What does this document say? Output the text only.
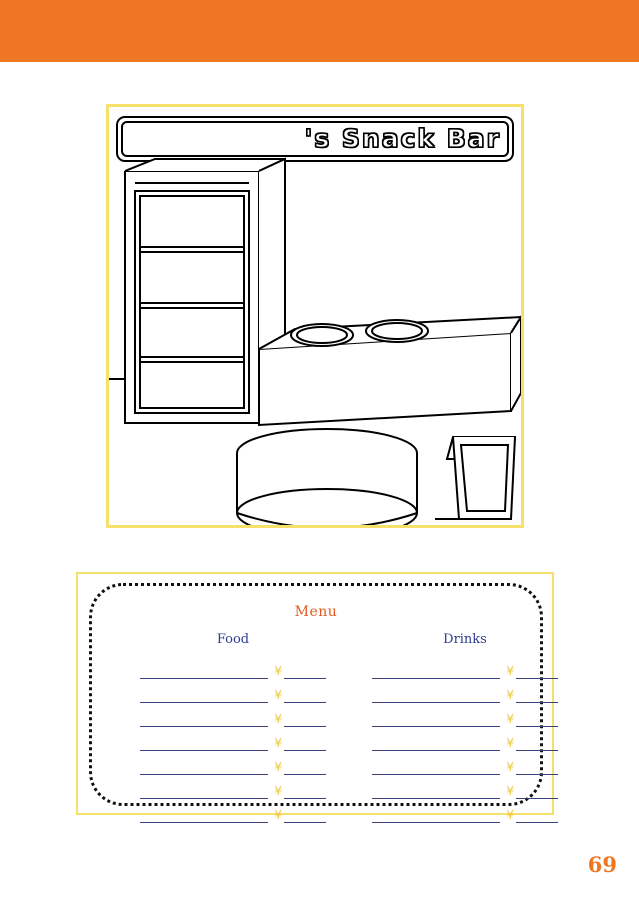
's Snack Bar
Menu
Food
¥
¥
¥
¥
¥
¥
¥
Drinks
¥
¥
¥
¥
¥
¥
¥
69
